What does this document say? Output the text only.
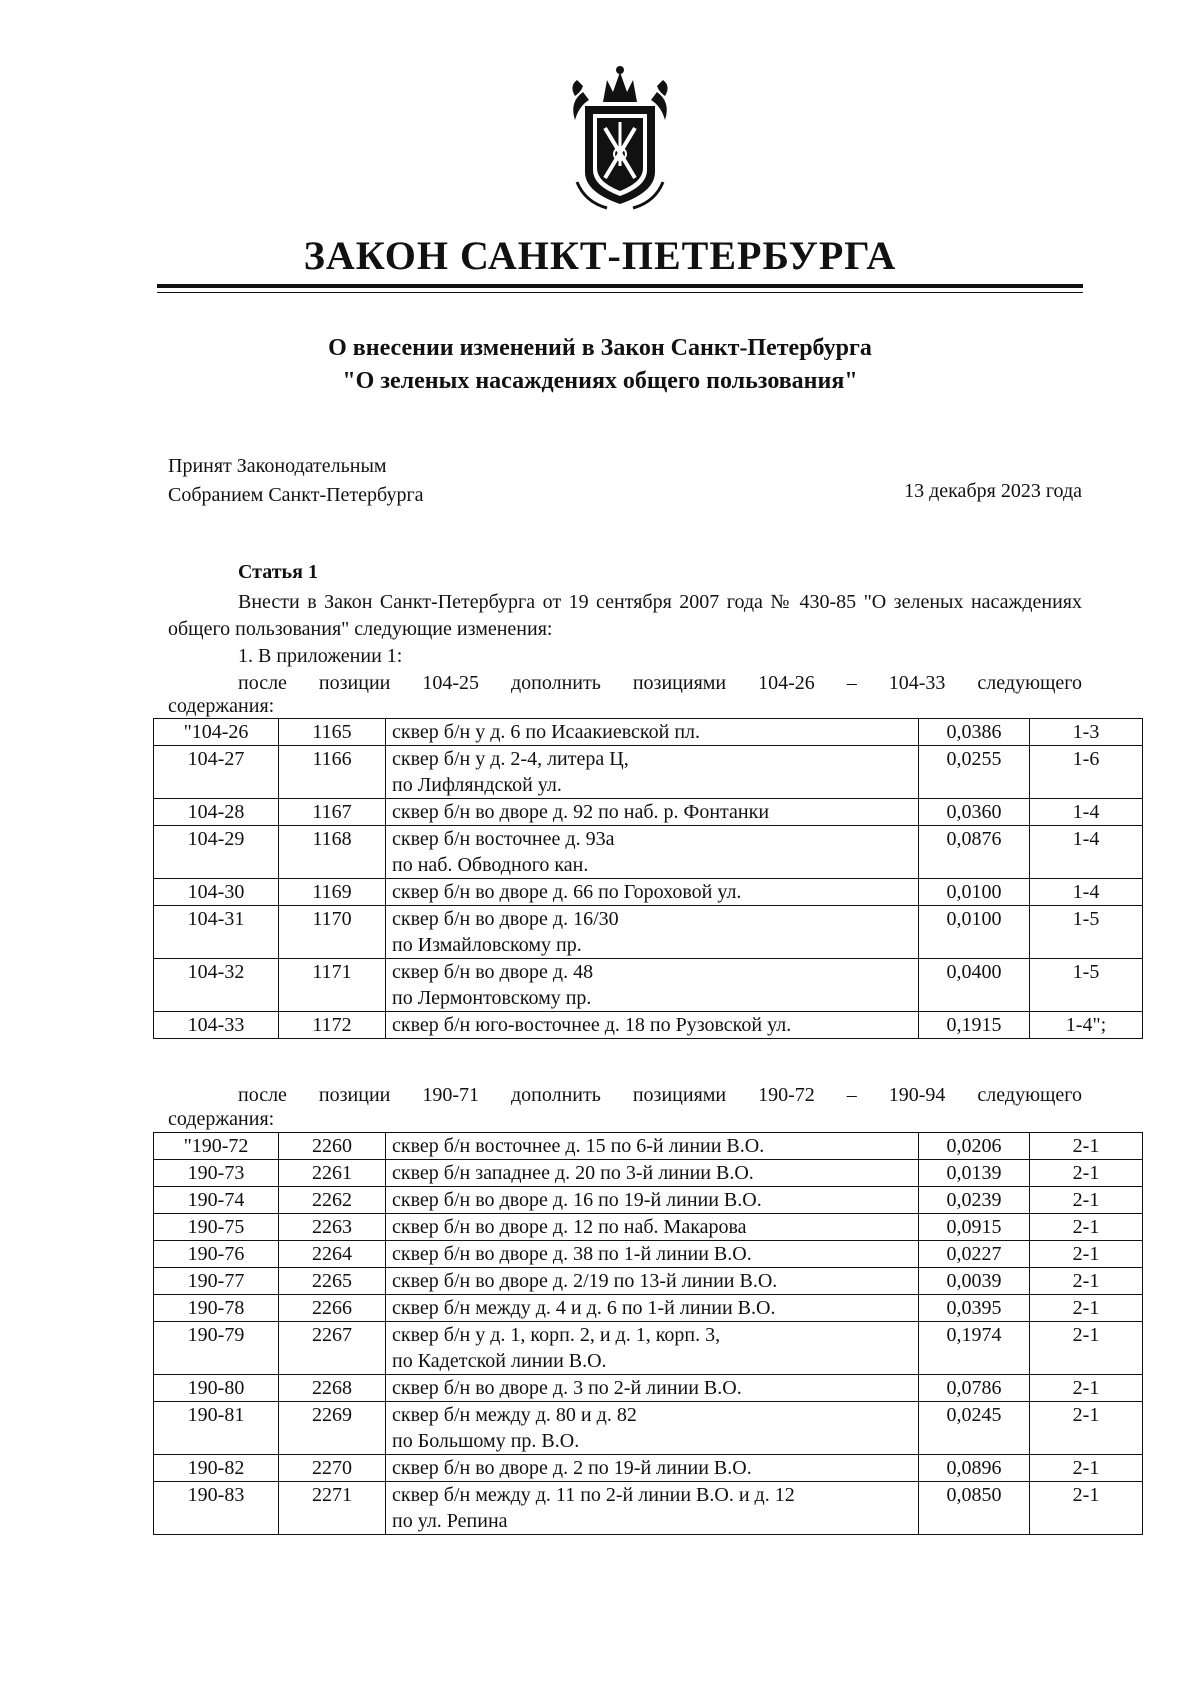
ЗАКОН САНКТ-ПЕТЕРБУРГА
О внесении изменений в Закон Санкт-Петербурга
"О зеленых насаждениях общего пользования"
Принят Законодательным
Собранием Санкт-Петербурга	13 декабря 2023 года
Статья 1
Внести в Закон Санкт-Петербурга от 19 сентября 2007 года № 430-85 "О зеленых насаждениях общего пользования" следующие изменения:
1. В приложении 1:
после позиции 104-25 дополнить позициями 104-26 – 104-33 следующего
содержания:
"104-26	1165	сквер б/н у д. 6 по Исаакиевской пл.	0,0386	1-3
104-27	1166	сквер б/н у д. 2-4, литера Ц,
по Лифляндской ул.	0,0255	1-6
104-28	1167	сквер б/н во дворе д. 92 по наб. р. Фонтанки	0,0360	1-4
104-29	1168	сквер б/н восточнее д. 93а
по наб. Обводного кан.	0,0876	1-4
104-30	1169	сквер б/н во дворе д. 66 по Гороховой ул.	0,0100	1-4
104-31	1170	сквер б/н во дворе д. 16/30
по Измайловскому пр.	0,0100	1-5
104-32	1171	сквер б/н во дворе д. 48
по Лермонтовскому пр.	0,0400	1-5
104-33	1172	сквер б/н юго-восточнее д. 18 по Рузовской ул.	0,1915	1-4";
после позиции 190-71 дополнить позициями 190-72 – 190-94 следующего
содержания:
"190-72	2260	сквер б/н восточнее д. 15 по 6-й линии В.О.	0,0206	2-1
190-73	2261	сквер б/н западнее д. 20 по 3-й линии В.О.	0,0139	2-1
190-74	2262	сквер б/н во дворе д. 16 по 19-й линии В.О.	0,0239	2-1
190-75	2263	сквер б/н во дворе д. 12 по наб. Макарова	0,0915	2-1
190-76	2264	сквер б/н во дворе д. 38 по 1-й линии В.О.	0,0227	2-1
190-77	2265	сквер б/н во дворе д. 2/19 по 13-й линии В.О.	0,0039	2-1
190-78	2266	сквер б/н между д. 4 и д. 6 по 1-й линии В.О.	0,0395	2-1
190-79	2267	сквер б/н у д. 1, корп. 2, и д. 1, корп. 3,
по Кадетской линии В.О.	0,1974	2-1
190-80	2268	сквер б/н во дворе д. 3 по 2-й линии В.О.	0,0786	2-1
190-81	2269	сквер б/н между д. 80 и д. 82
по Большому пр. В.О.	0,0245	2-1
190-82	2270	сквер б/н во дворе д. 2 по 19-й линии В.О.	0,0896	2-1
190-83	2271	сквер б/н между д. 11 по 2-й линии В.О. и д. 12
по ул. Репина	0,0850	2-1
